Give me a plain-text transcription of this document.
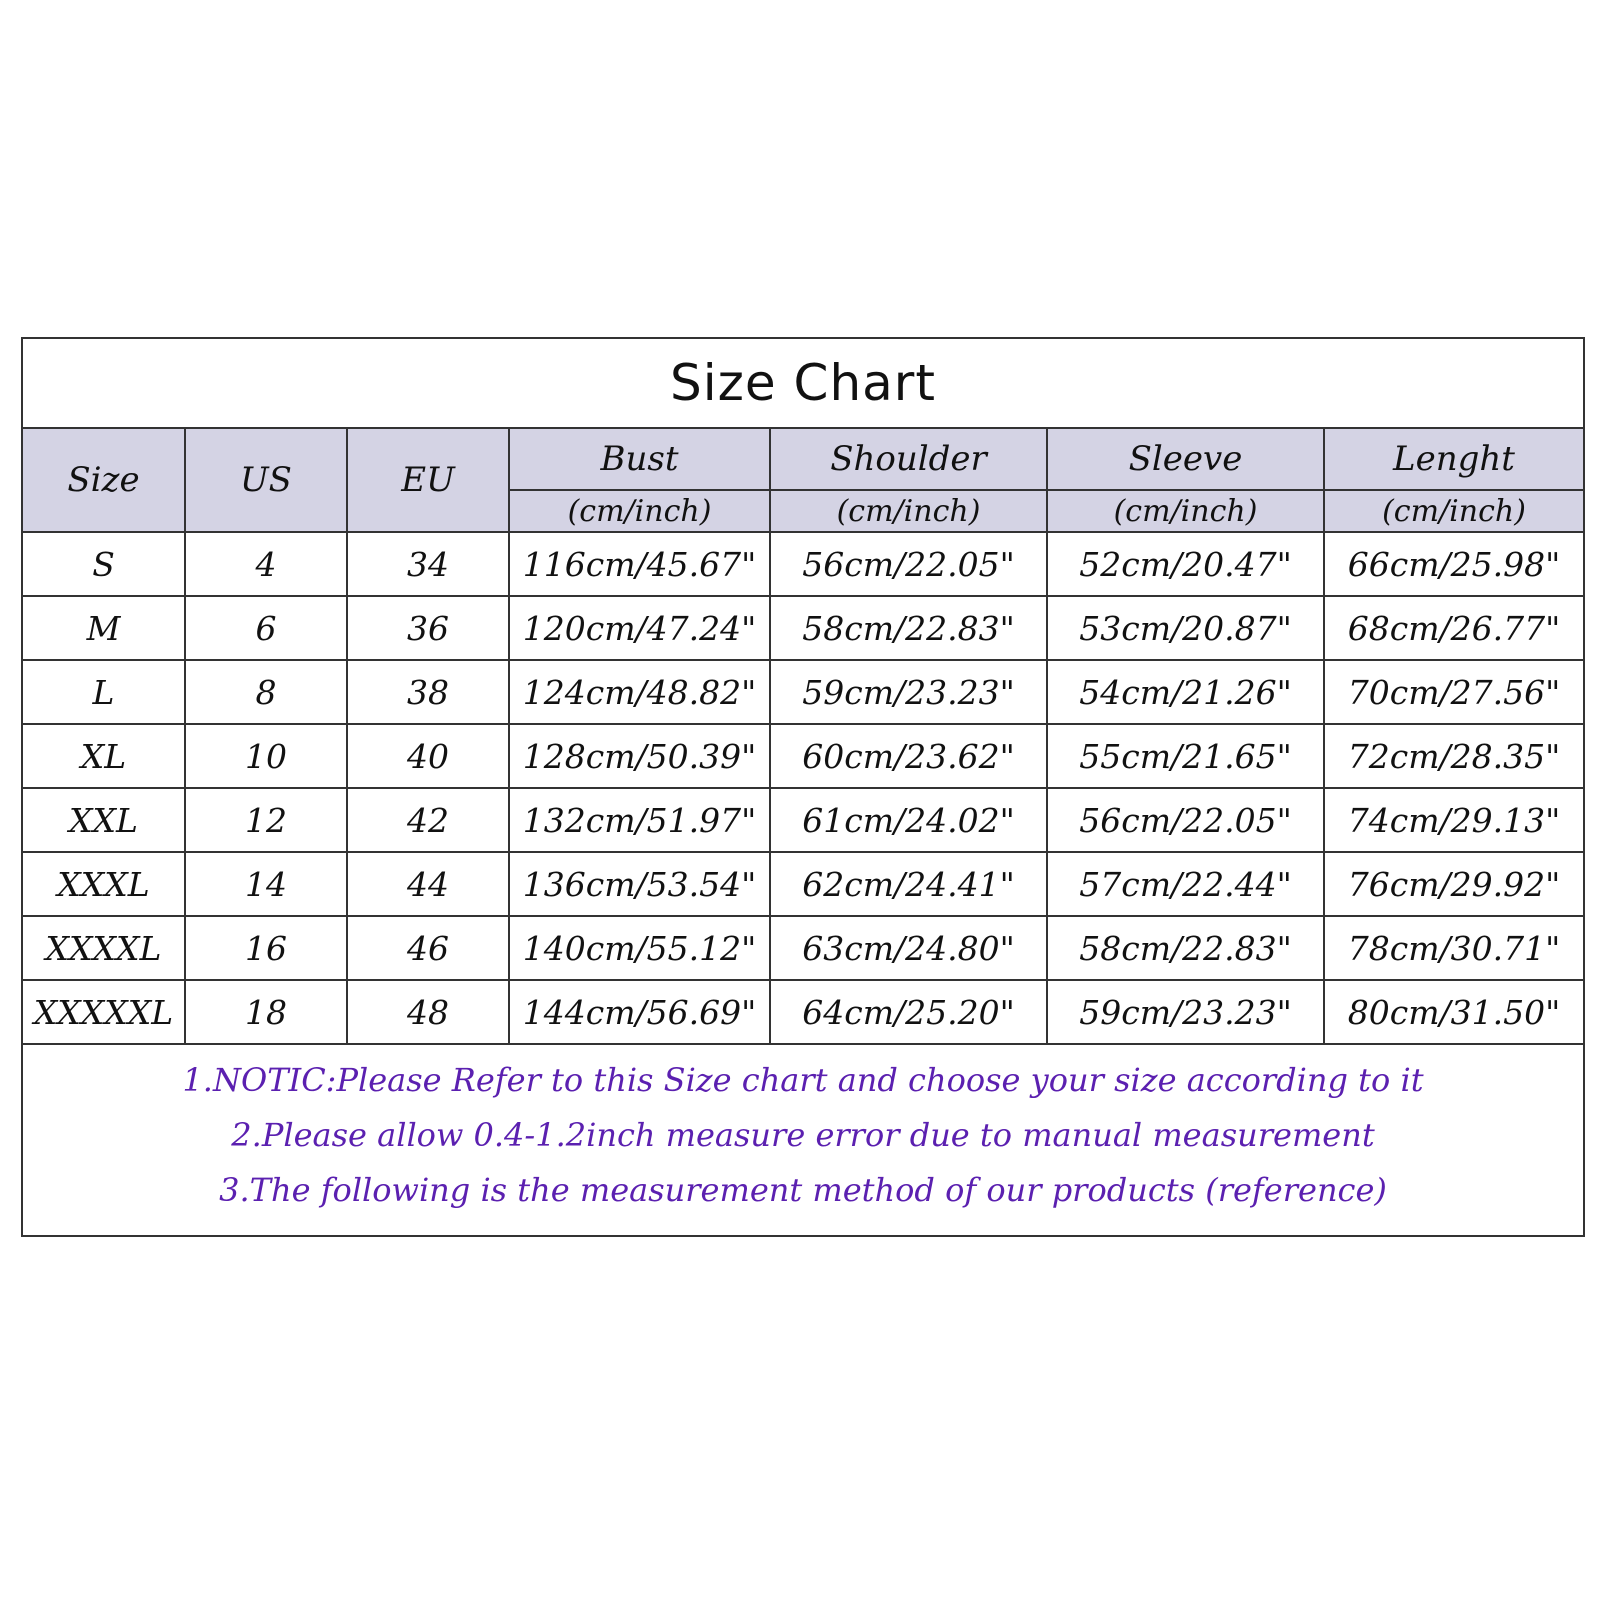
Size Chart
Size	US	EU	Bust	Shoulder	Sleeve	Lenght
			(cm/inch)	(cm/inch)	(cm/inch)	(cm/inch)
S	4	34	116cm/45.67"	56cm/22.05"	52cm/20.47"	66cm/25.98"
M	6	36	120cm/47.24"	58cm/22.83"	53cm/20.87"	68cm/26.77"
L	8	38	124cm/48.82"	59cm/23.23"	54cm/21.26"	70cm/27.56"
XL	10	40	128cm/50.39"	60cm/23.62"	55cm/21.65"	72cm/28.35"
XXL	12	42	132cm/51.97"	61cm/24.02"	56cm/22.05"	74cm/29.13"
XXXL	14	44	136cm/53.54"	62cm/24.41"	57cm/22.44"	76cm/29.92"
XXXXL	16	46	140cm/55.12"	63cm/24.80"	58cm/22.83"	78cm/30.71"
XXXXXL	18	48	144cm/56.69"	64cm/25.20"	59cm/23.23"	80cm/31.50"
1.NOTIC:Please Refer to this Size chart and choose your size according to it
2.Please allow 0.4-1.2inch measure error due to manual measurement
3.The following is the measurement method of our products (reference)
